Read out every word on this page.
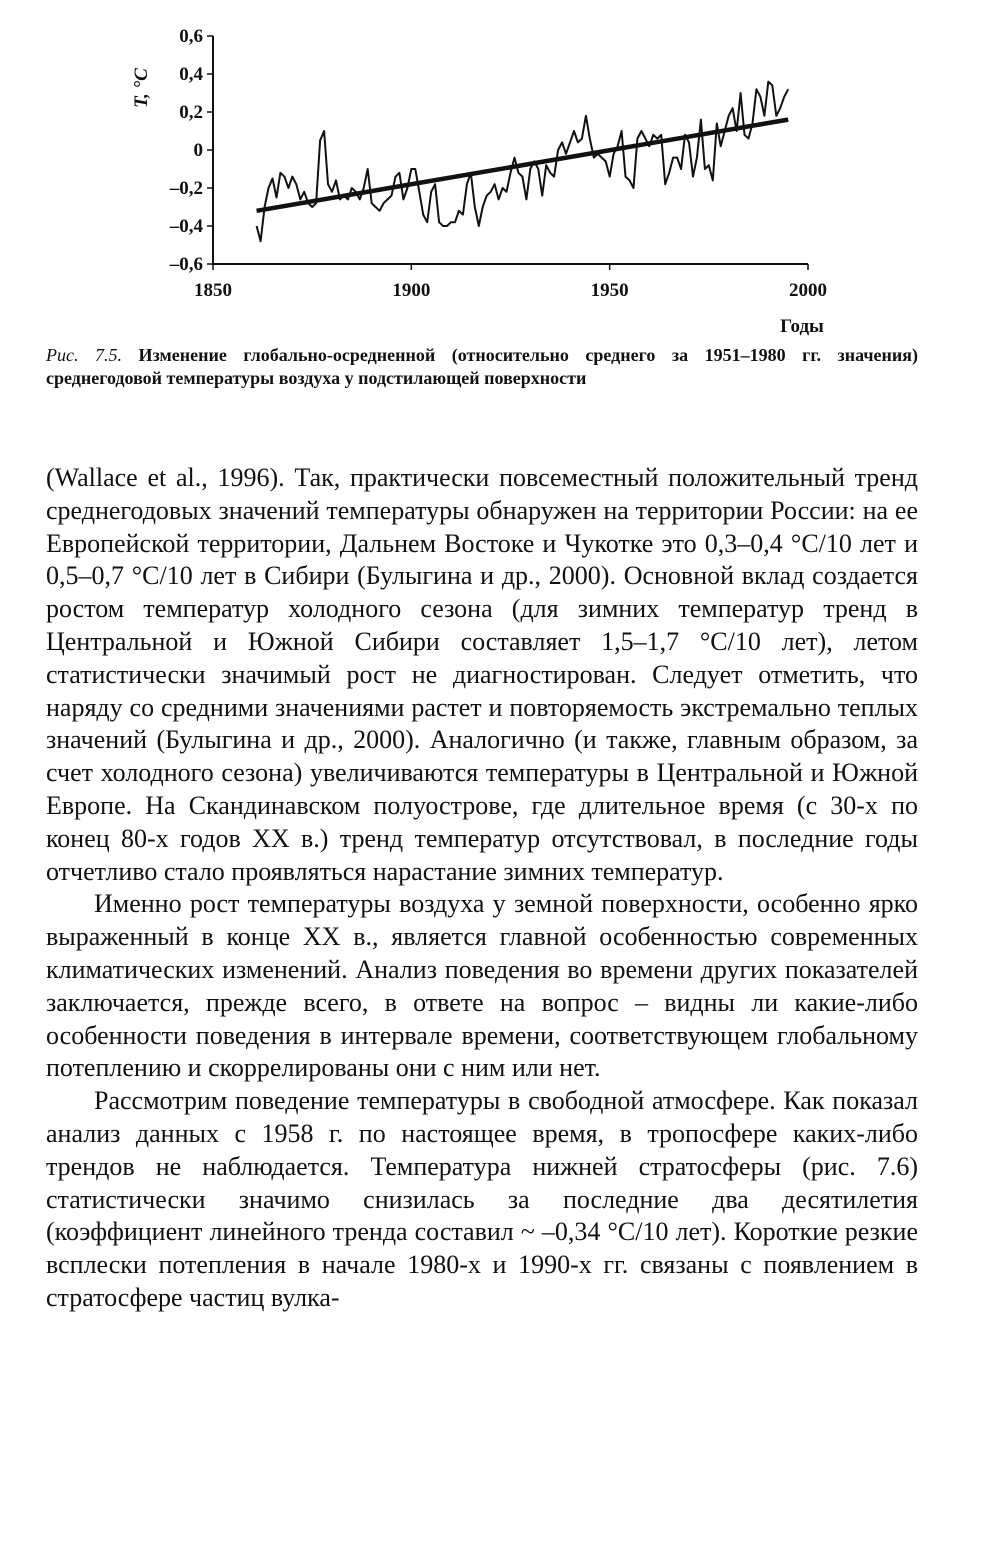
0,6
0,4
0,2
0
–0,2
–0,4
–0,6
1850	1900	1950	2000
T, °C
Годы
Рис. 7.5. Изменение глобально-осредненной (относительно среднего за 1951–1980 гг. значения) среднегодовой температуры воздуха у подстилающей поверхности

(Wallace et al., 1996). Так, практически повсеместный положительный тренд среднегодовых значений температуры обнаружен на территории России: на ее Европейской территории, Дальнем Востоке и Чукотке это 0,3–0,4 °С/10 лет и 0,5–0,7 °С/10 лет в Сибири (Булыгина и др., 2000). Основной вклад создается ростом температур холодного сезона (для зимних температур тренд в Центральной и Южной Сибири составляет 1,5–1,7 °С/10 лет), летом статистически значимый рост не диагностирован. Следует отметить, что наряду со средними значениями растет и повторяемость экстремально теплых значений (Булыгина и др., 2000). Аналогично (и также, главным образом, за счет холодного сезона) увеличиваются температуры в Центральной и Южной Европе. На Скандинавском полуострове, где длительное время (с 30-х по конец 80-х годов XX в.) тренд температур отсутствовал, в последние годы отчетливо стало проявляться нарастание зимних температур.

Именно рост температуры воздуха у земной поверхности, особенно ярко выраженный в конце XX в., является главной особенностью современных климатических изменений. Анализ поведения во времени других показателей заключается, прежде всего, в ответе на вопрос – видны ли какие-либо особенности поведения в интервале времени, соответствующем глобальному потеплению и скоррелированы они с ним или нет.

Рассмотрим поведение температуры в свободной атмосфере. Как показал анализ данных с 1958 г. по настоящее время, в тропосфере каких-либо трендов не наблюдается. Температура нижней стратосферы (рис. 7.6) статистически значимо снизилась за последние два десятилетия (коэффициент линейного тренда составил ~ –0,34 °С/10 лет). Короткие резкие всплески потепления в начале 1980-х и 1990-х гг. связаны с появлением в стратосфере частиц вулка-
